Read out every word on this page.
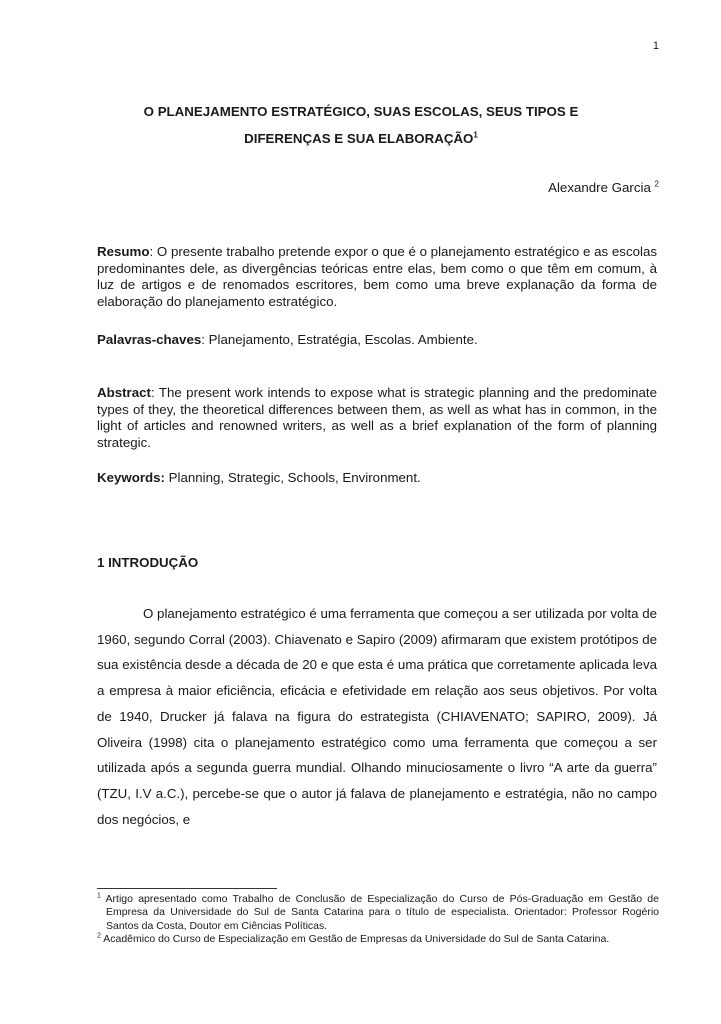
1
O PLANEJAMENTO ESTRATÉGICO, SUAS ESCOLAS, SEUS TIPOS E
DIFERENÇAS E SUA ELABORAÇÃO$^1$
Alexandre Garcia $^2$

Resumo: O presente trabalho pretende expor o que é o planejamento estratégico e as escolas predominantes dele, as divergências teóricas entre elas, bem como o que têm em comum, à luz de artigos e de renomados escritores, bem como uma breve explanação da forma de elaboração do planejamento estratégico.

Palavras-chaves: Planejamento, Estratégia, Escolas. Ambiente.

Abstract: The present work intends to expose what is strategic planning and the predominate types of they, the theoretical differences between them, as well as what has in common, in the light of articles and renowned writers, as well as a brief explanation of the form of planning strategic.

Keywords: Planning, Strategic, Schools, Environment.

1 INTRODUÇÃO

O planejamento estratégico é uma ferramenta que começou a ser utilizada por volta de 1960, segundo Corral (2003). Chiavenato e Sapiro (2009) afirmaram que existem protótipos de sua existência desde a década de 20 e que esta é uma prática que corretamente aplicada leva a empresa à maior eficiência, eficácia e efetividade em relação aos seus objetivos. Por volta de 1940, Drucker já falava na figura do estrategista (CHIAVENATO; SAPIRO, 2009). Já Oliveira (1998) cita o planejamento estratégico como uma ferramenta que começou a ser utilizada após a segunda guerra mundial. Olhando minuciosamente o livro “A arte da guerra” (TZU, I.V a.C.), percebe-se que o autor já falava de planejamento e estratégia, não no campo dos negócios, e

$^1$ Artigo apresentado como Trabalho de Conclusão de Especialização do Curso de Pós-Graduação em Gestão de Empresa da Universidade do Sul de Santa Catarina para o título de especialista. Orientador: Professor Rogério Santos da Costa, Doutor em Ciências Políticas.

$^2$ Acadêmico do Curso de Especialização em Gestão de Empresas da Universidade do Sul de Santa Catarina.
